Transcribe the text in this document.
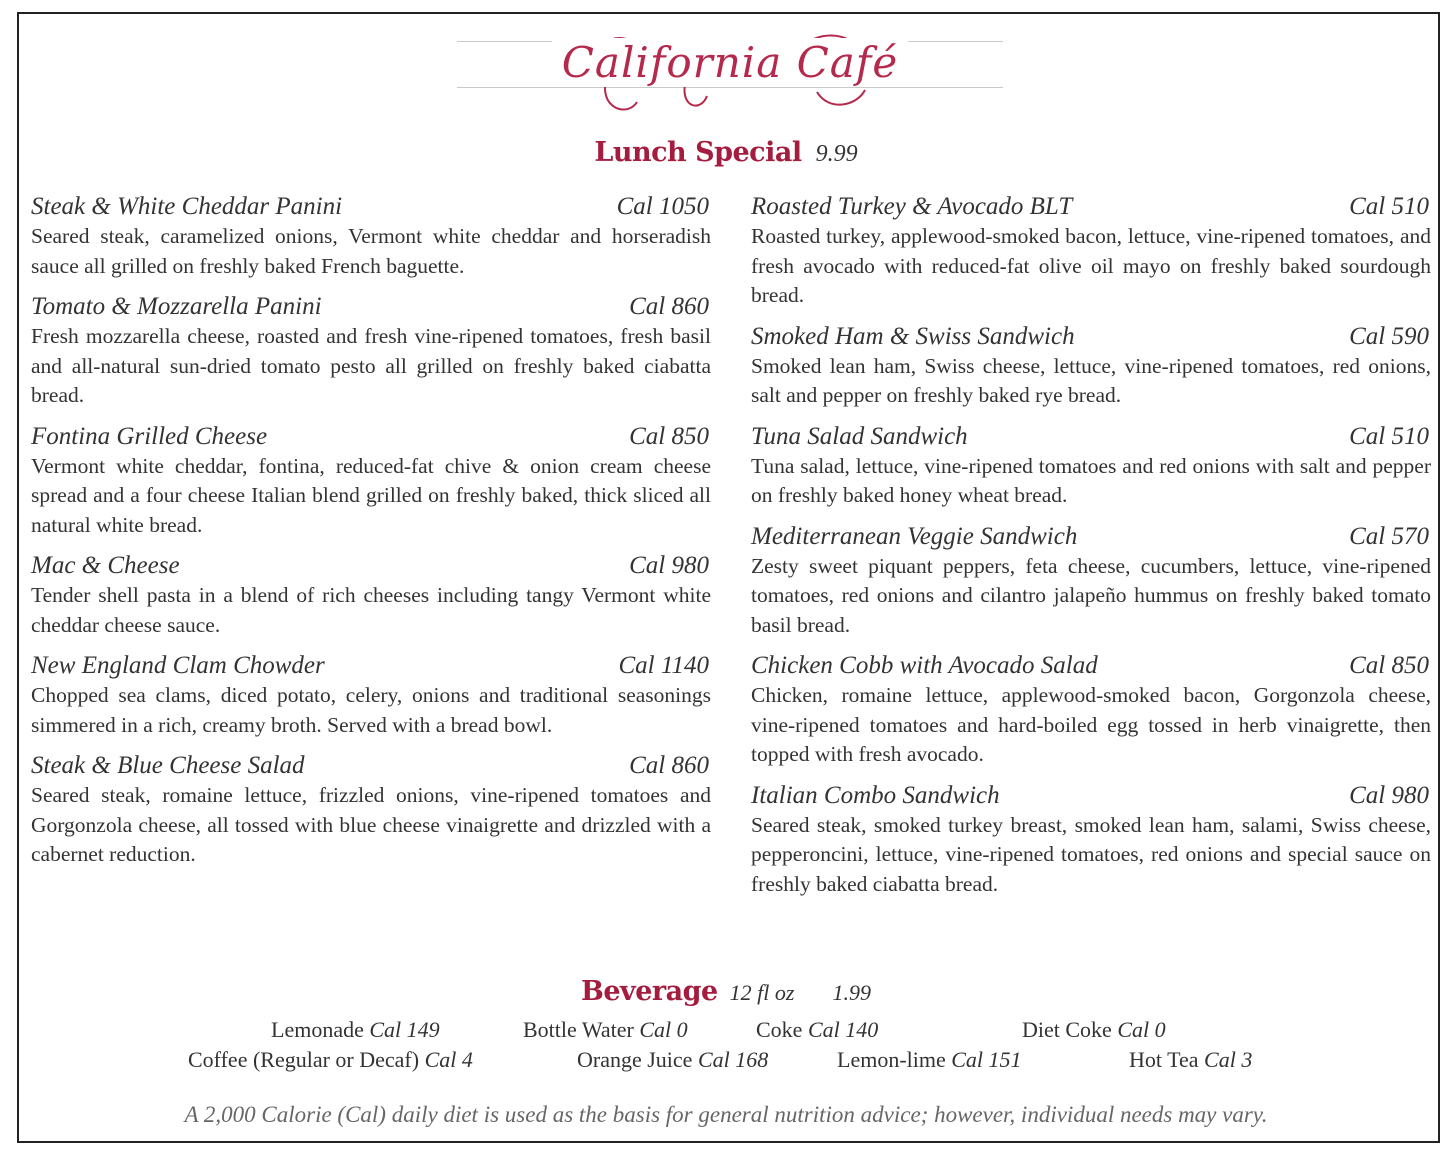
California Café
Lunch Special 9.99
Steak & White Cheddar Panini	Cal 1050
Seared steak, caramelized onions, Vermont white cheddar and horseradish sauce all grilled on freshly baked French baguette.
Tomato & Mozzarella Panini	Cal 860
Fresh mozzarella cheese, roasted and fresh vine-ripened tomatoes, fresh basil and all-natural sun-dried tomato pesto all grilled on freshly baked ciabatta bread.
Fontina Grilled Cheese	Cal 850
Vermont white cheddar, fontina, reduced-fat chive & onion cream cheese spread and a four cheese Italian blend grilled on freshly baked, thick sliced all natural white bread.
Mac & Cheese	Cal 980
Tender shell pasta in a blend of rich cheeses including tangy Vermont white cheddar cheese sauce.
New England Clam Chowder	Cal 1140
Chopped sea clams, diced potato, celery, onions and traditional seasonings simmered in a rich, creamy broth. Served with a bread bowl.
Steak & Blue Cheese Salad	Cal 860
Seared steak, romaine lettuce, frizzled onions, vine-ripened tomatoes and Gorgonzola cheese, all tossed with blue cheese vinaigrette and drizzled with a cabernet reduction.
Roasted Turkey & Avocado BLT	Cal 510
Roasted turkey, applewood-smoked bacon, lettuce, vine-ripened tomatoes, and fresh avocado with reduced-fat olive oil mayo on freshly baked sourdough bread.
Smoked Ham & Swiss Sandwich	Cal 590
Smoked lean ham, Swiss cheese, lettuce, vine-ripened tomatoes, red onions, salt and pepper on freshly baked rye bread.
Tuna Salad Sandwich	Cal 510
Tuna salad, lettuce, vine-ripened tomatoes and red onions with salt and pepper on freshly baked honey wheat bread.
Mediterranean Veggie Sandwich	Cal 570
Zesty sweet piquant peppers, feta cheese, cucumbers, lettuce, vine-ripened tomatoes, red onions and cilantro jalapeño hummus on freshly baked tomato basil bread.
Chicken Cobb with Avocado Salad	Cal 850
Chicken, romaine lettuce, applewood-smoked bacon, Gorgonzola cheese, vine-ripened tomatoes and hard-boiled egg tossed in herb vinaigrette, then topped with fresh avocado.
Italian Combo Sandwich	Cal 980
Seared steak, smoked turkey breast, smoked lean ham, salami, Swiss cheese, pepperoncini, lettuce, vine-ripened tomatoes, red onions and special sauce on freshly baked ciabatta bread.
Beverage 12 fl oz 1.99
Lemonade Cal 149	Bottle Water Cal 0	Coke Cal 140	Diet Coke Cal 0
Coffee (Regular or Decaf) Cal 4	Orange Juice Cal 168	Lemon-lime Cal 151	Hot Tea Cal 3
A 2,000 Calorie (Cal) daily diet is used as the basis for general nutrition advice; however, individual needs may vary.
